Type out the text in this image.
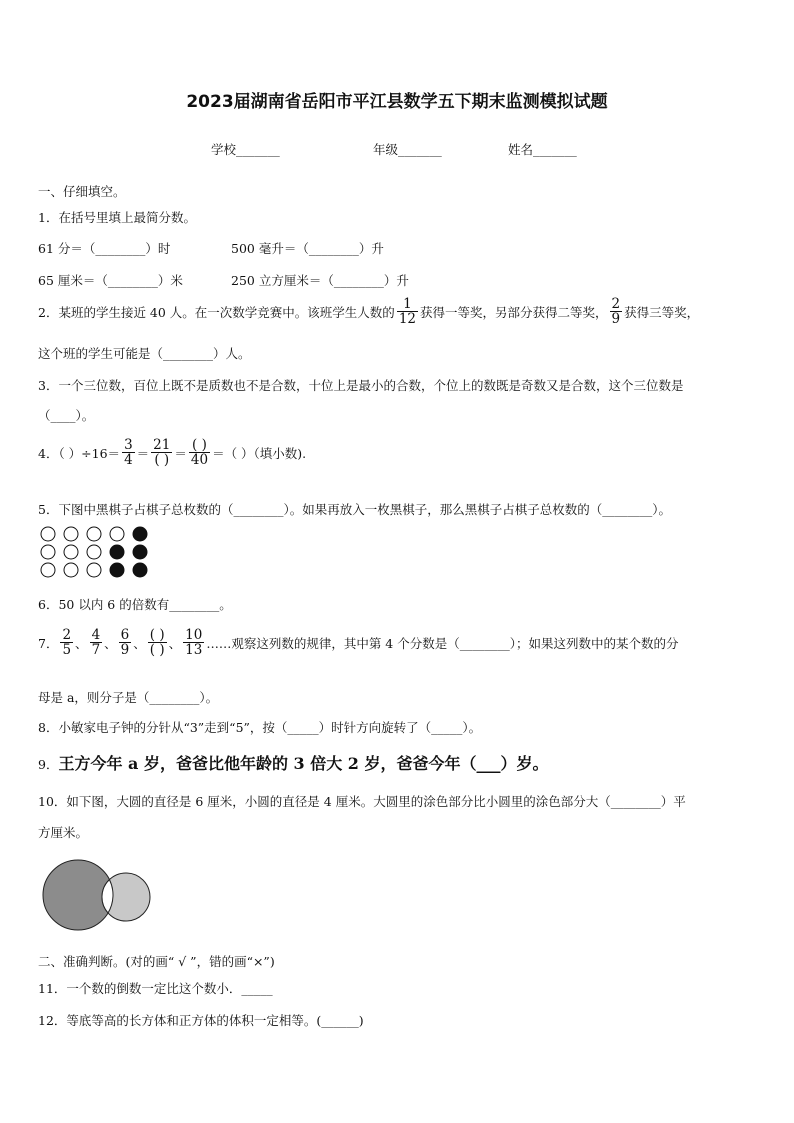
2023届湖南省岳阳市平江县数学五下期末监测模拟试题
学校_______	年级_______	姓名_______
一、仔细填空。
1．在括号里填上最简分数。
61 分＝（________）时	500 毫升＝（________）升
65 厘米＝（________）米	250 立方厘米＝（________）升
2．某班的学生接近 40 人。在一次数学竞赛中。该班学生人数的 $\frac{1}{12}$ 获得一等奖，另部分获得二等奖， $\frac{2}{9}$ 获得三等奖，
这个班的学生可能是（________）人。
3．一个三位数，百位上既不是质数也不是合数，十位上是最小的合数，个位上的数既是奇数又是合数，这个三位数是
（____）。
4．（ ）$\div 16= \frac{3}{4} = \frac{21}{( )} = \frac{( )}{40}$ ＝（ ）（填小数).
5．下图中黑棋子占棋子总枚数的（________）。如果再放入一枚黑棋子，那么黑棋子占棋子总枚数的（________）。
6．50 以内 6 的倍数有________。
7． $\frac{2}{5}$ 、 $\frac{4}{7}$ 、 $\frac{6}{9}$ 、 $\frac{( )}{( )}$ 、 $\frac{10}{13}$ ……观察这列数的规律，其中第 4 个分数是（________）；如果这列数中的某个数的分
母是 a，则分子是（________）。
8．小敏家电子钟的分针从“3”走到“5”，按（_____）时针方向旋转了（_____）。
9． 王方今年 a 岁，爸爸比他年龄的 3 倍大 2 岁，爸爸今年（___）岁。
10．如下图，大圆的直径是 6 厘米，小圆的直径是 4 厘米。大圆里的涂色部分比小圆里的涂色部分大（________）平
方厘米。
二、准确判断。(对的画“ √ ”，错的画“×”)
11．一个数的倒数一定比这个数小．_____
12．等底等高的长方体和正方体的体积一定相等。(______)
